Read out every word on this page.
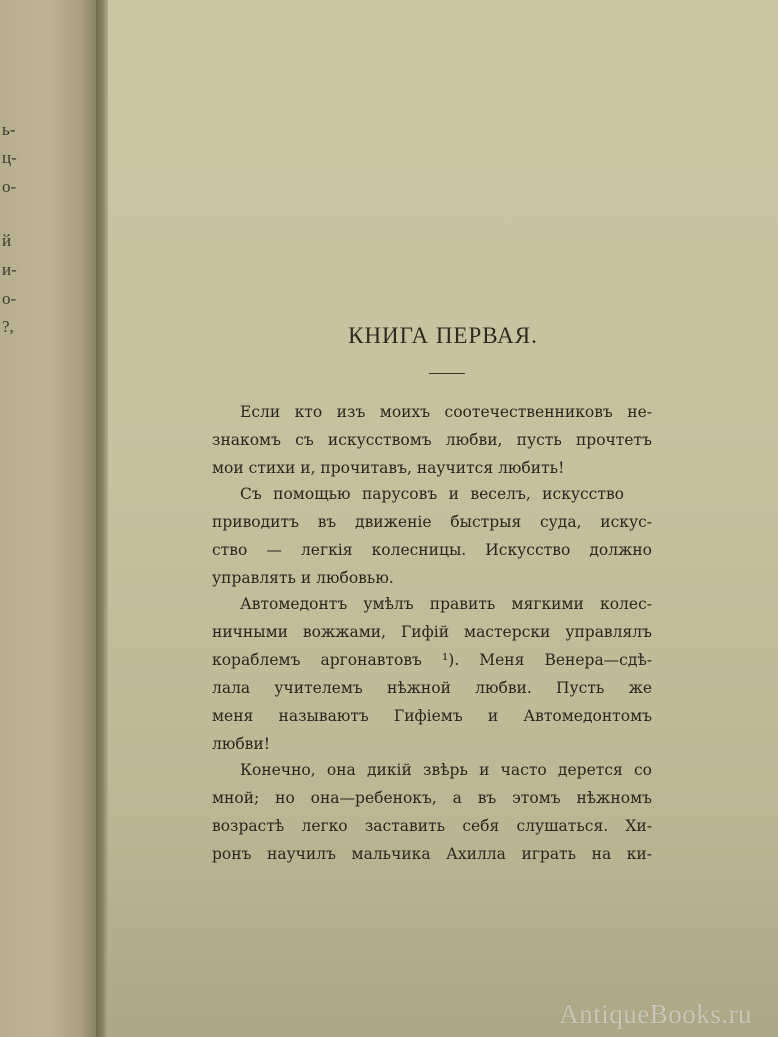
ь-
ц-
о-
й
и-
о-
?,	КНИГА ПЕРВАЯ.
Если кто изъ моихъ соотечественниковъ не-
знакомъ съ искусствомъ любви, пусть прочтетъ
мои стихи и, прочитавъ, научится любить!
Съ помощью парусовъ и веселъ, искусство
приводитъ въ движенiе быстрыя суда, искус-
ство — легкiя колесницы. Искусство должно
управлять и любовью.
Автомедонтъ умѣлъ править мягкими колес-
ничными вожжами, Гифiй мастерски управлялъ
кораблемъ аргонавтовъ ¹). Меня Венера—сдѣ-
лала учителемъ нѣжной любви. Пусть же
меня называютъ Гифiемъ и Автомедонтомъ
любви!
Конечно, она дикiй звѣрь и часто дерется со
мной; но она—ребенокъ, а въ этомъ нѣжномъ
возрастѣ легко заставить себя слушаться. Хи-
ронъ научилъ мальчика Ахилла играть на ки-
AntiqueBooks.ru
